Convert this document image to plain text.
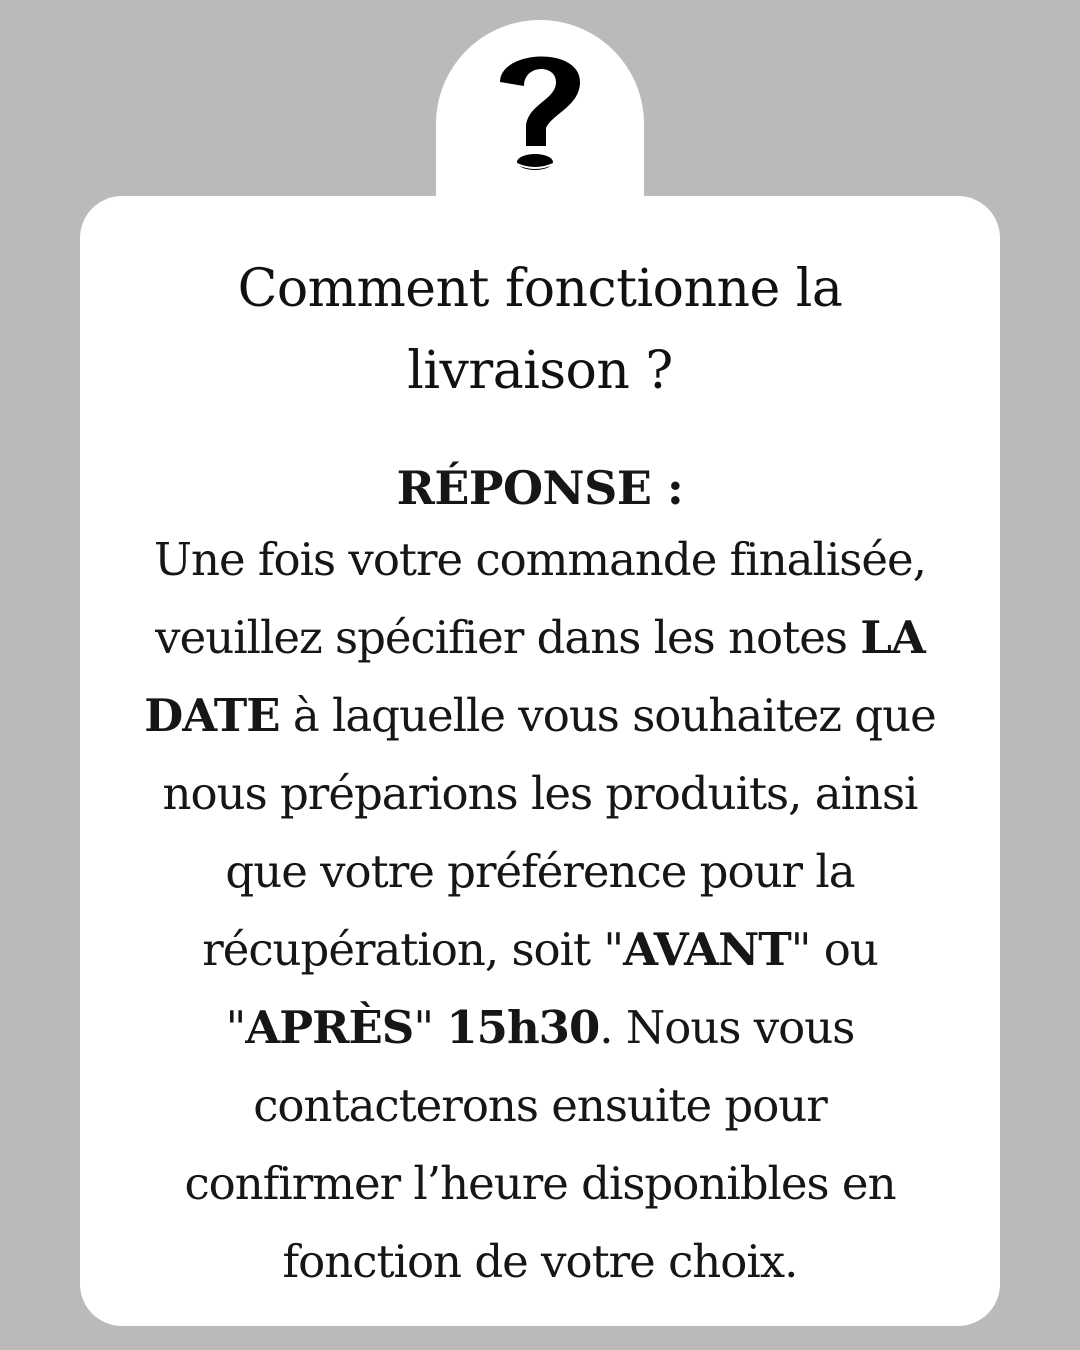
Comment fonctionne la
livraison ?
RÉPONSE :
Une fois votre commande finalisée,
veuillez spécifier dans les notes LA
DATE à laquelle vous souhaitez que
nous préparions les produits, ainsi
que votre préférence pour la
récupération, soit "AVANT" ou
"APRÈS" 15h30. Nous vous
contacterons ensuite pour
confirmer l’heure disponibles en
fonction de votre choix.
